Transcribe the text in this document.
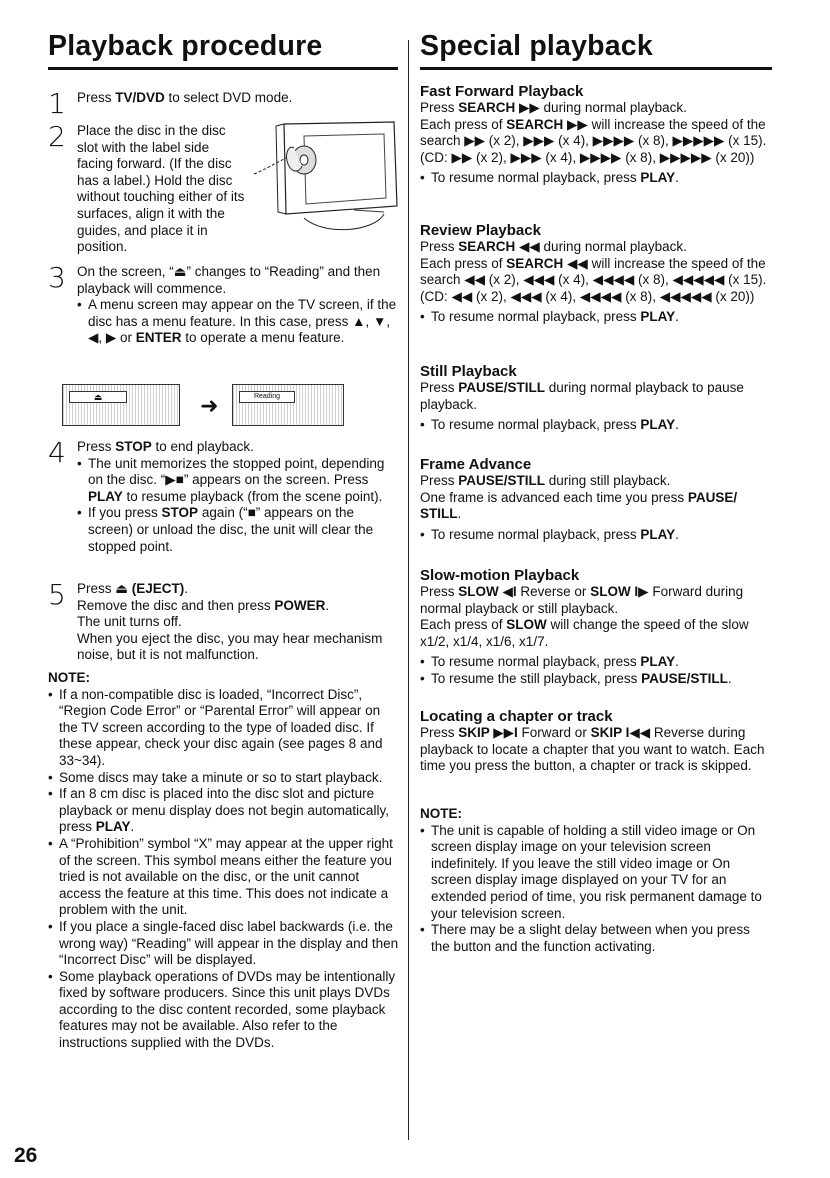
Playback procedure
1 Press TV/DVD to select DVD mode.
2 Place the disc in the disc slot with the label side facing forward. (If the disc has a label.) Hold the disc without touching either of its surfaces, align it with the guides, and place it in position.
3 On the screen, “⏏” changes to “Reading” and then playback will commence.
• A menu screen may appear on the TV screen, if the disc has a menu feature. In this case, press ▲, ▼, ◀, ▶ or ENTER to operate a menu feature.
⏏	➜	Reading
4 Press STOP to end playback.
• The unit memorizes the stopped point, depending on the disc. “▶■” appears on the screen. Press PLAY to resume playback (from the scene point).
• If you press STOP again (“■” appears on the screen) or unload the disc, the unit will clear the stopped point.
5 Press ⏏ (EJECT).
Remove the disc and then press POWER.
The unit turns off.
When you eject the disc, you may hear mechanism noise, but it is not malfunction.
NOTE:
• If a non-compatible disc is loaded, “Incorrect Disc”, “Region Code Error” or “Parental Error” will appear on the TV screen according to the type of loaded disc. If these appear, check your disc again (see pages 8 and 33~34).
• Some discs may take a minute or so to start playback.
• If an 8 cm disc is placed into the disc slot and picture playback or menu display does not begin automatically, press PLAY.
• A “Prohibition” symbol “X” may appear at the upper right of the screen. This symbol means either the feature you tried is not available on the disc, or the unit cannot access the feature at this time. This does not indicate a problem with the unit.
• If you place a single-faced disc label backwards (i.e. the wrong way) “Reading” will appear in the display and then “Incorrect Disc” will be displayed.
• Some playback operations of DVDs may be intentionally fixed by software producers. Since this unit plays DVDs according to the disc content recorded, some playback features may not be available. Also refer to the instructions supplied with the DVDs.
Special playback
Fast Forward Playback
Press SEARCH ▶▶ during normal playback.
Each press of SEARCH ▶▶ will increase the speed of the search ▶▶ (x 2), ▶▶▶ (x 4), ▶▶▶▶ (x 8), ▶▶▶▶▶ (x 15).
(CD: ▶▶ (x 2), ▶▶▶ (x 4), ▶▶▶▶ (x 8), ▶▶▶▶▶ (x 20))
• To resume normal playback, press PLAY.
Review Playback
Press SEARCH ◀◀ during normal playback.
Each press of SEARCH ◀◀ will increase the speed of the search ◀◀ (x 2), ◀◀◀ (x 4), ◀◀◀◀ (x 8), ◀◀◀◀◀ (x 15).
(CD: ◀◀ (x 2), ◀◀◀ (x 4), ◀◀◀◀ (x 8), ◀◀◀◀◀ (x 20))
• To resume normal playback, press PLAY.
Still Playback
Press PAUSE/STILL during normal playback to pause playback.
• To resume normal playback, press PLAY.
Frame Advance
Press PAUSE/STILL during still playback.
One frame is advanced each time you press PAUSE/ STILL.
• To resume normal playback, press PLAY.
Slow-motion Playback
Press SLOW ◀I Reverse or SLOW I▶ Forward during normal playback or still playback.
Each press of SLOW will change the speed of the slow x1/2, x1/4, x1/6, x1/7.
• To resume normal playback, press PLAY.
• To resume the still playback, press PAUSE/STILL.
Locating a chapter or track
Press SKIP ▶▶I Forward or SKIP I◀◀ Reverse during playback to locate a chapter that you want to watch. Each time you press the button, a chapter or track is skipped.
NOTE:
• The unit is capable of holding a still video image or On screen display image on your television screen indefinitely. If you leave the still video image or On screen display image displayed on your TV for an extended period of time, you risk permanent damage to your television screen.
• There may be a slight delay between when you press the button and the function activating.
26
